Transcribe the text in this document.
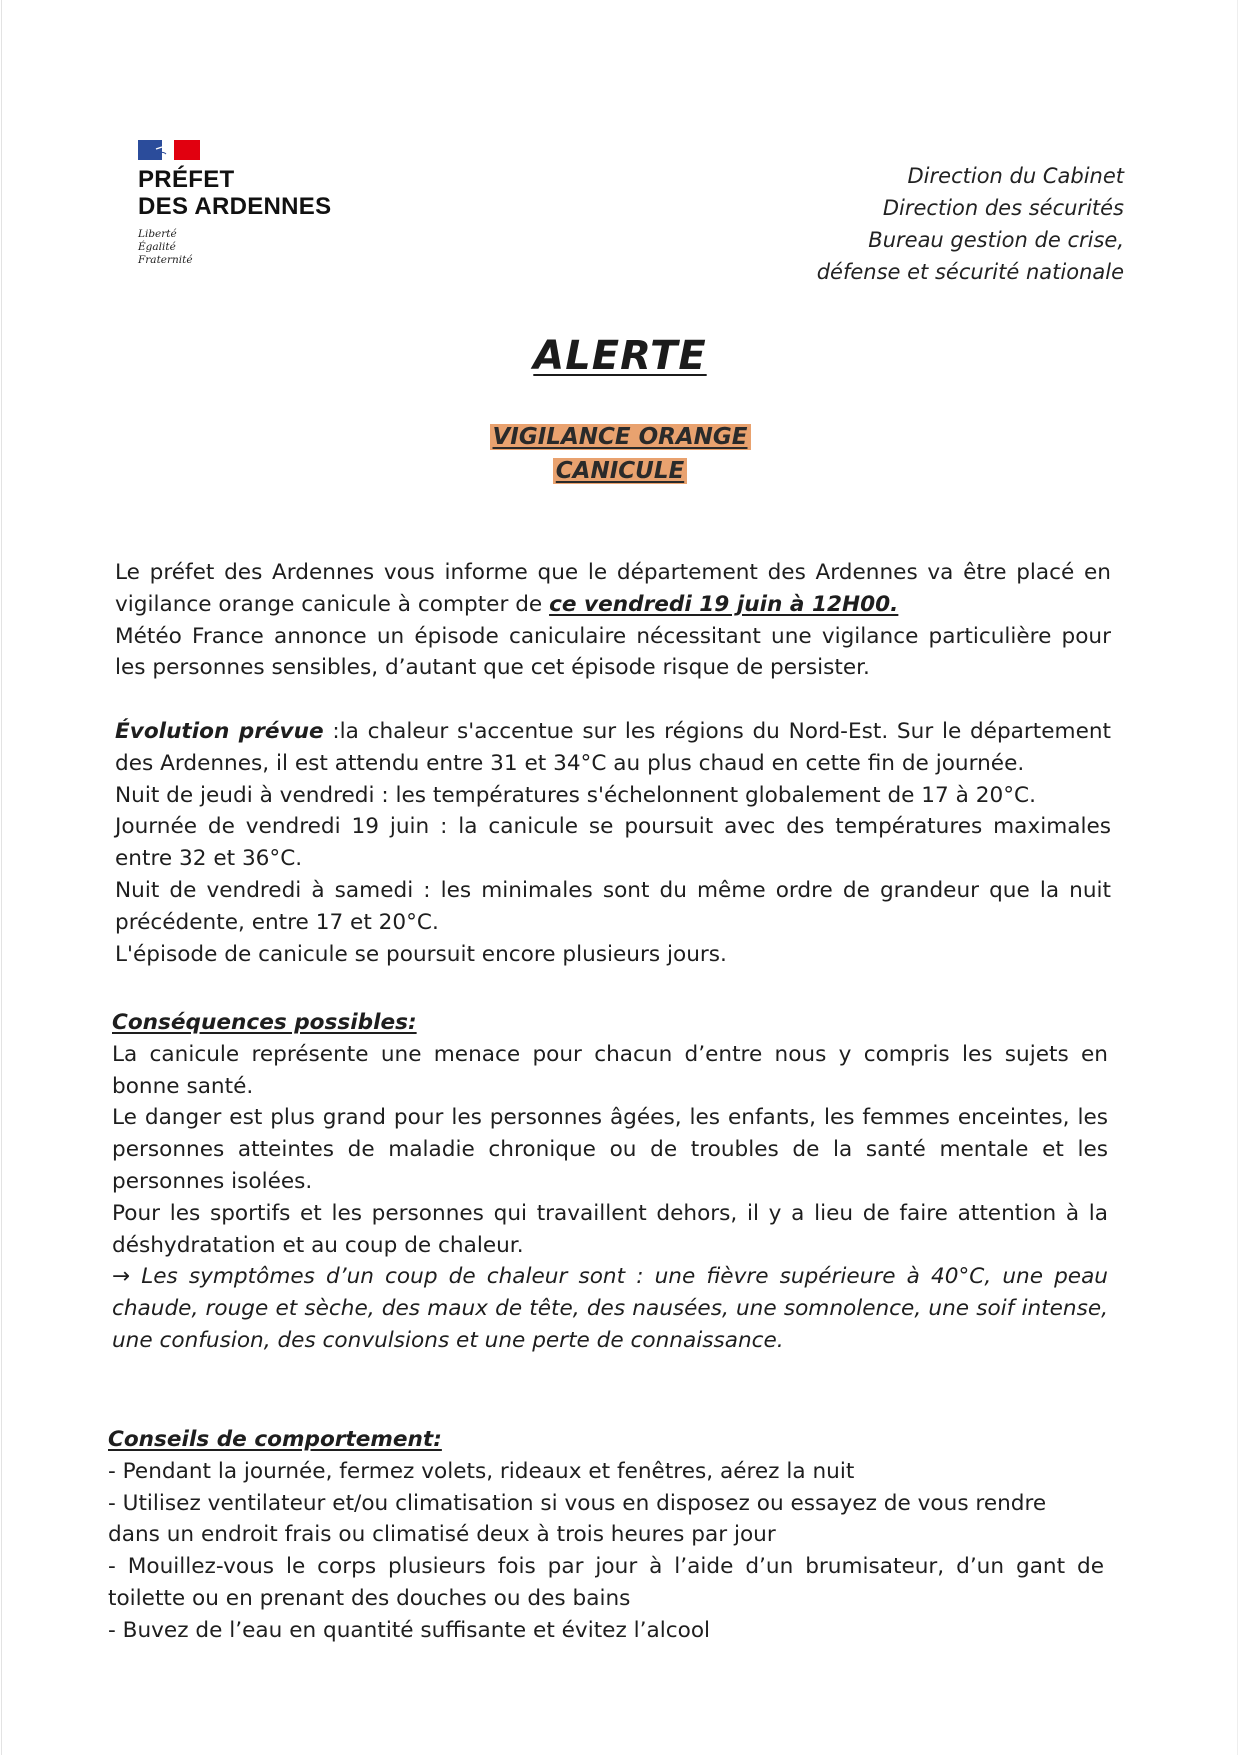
PRÉFET
DES ARDENNES
Liberté
Égalité
Fraternité
Direction du Cabinet
Direction des sécurités
Bureau gestion de crise,
défense et sécurité nationale
ALERTE
VIGILANCE ORANGE
CANICULE

Le préfet des Ardennes vous informe que le département des Ardennes va être placé en vigilance orange canicule à compter de ce vendredi 19 juin à 12H00.

Météo France annonce un épisode caniculaire nécessitant une vigilance particulière pour les personnes sensibles, d’autant que cet épisode risque de persister.

Évolution prévue :la chaleur s'accentue sur les régions du Nord-Est. Sur le département des Ardennes, il est attendu entre 31 et 34°C au plus chaud en cette fin de journée.

Nuit de jeudi à vendredi : les températures s'échelonnent globalement de 17 à 20°C.

Journée de vendredi 19 juin : la canicule se poursuit avec des températures maximales entre 32 et 36°C.

Nuit de vendredi à samedi : les minimales sont du même ordre de grandeur que la nuit précédente, entre 17 et 20°C.

L'épisode de canicule se poursuit encore plusieurs jours.

Conséquences possibles:

La canicule représente une menace pour chacun d’entre nous y compris les sujets en bonne santé.

Le danger est plus grand pour les personnes âgées, les enfants, les femmes enceintes, les personnes atteintes de maladie chronique ou de troubles de la santé mentale et les personnes isolées.

Pour les sportifs et les personnes qui travaillent dehors, il y a lieu de faire attention à la déshydratation et au coup de chaleur.

→ Les symptômes d’un coup de chaleur sont : une fièvre supérieure à 40°C, une peau chaude, rouge et sèche, des maux de tête, des nausées, une somnolence, une soif intense, une confusion, des convulsions et une perte de connaissance.

Conseils de comportement:

- Pendant la journée, fermez volets, rideaux et fenêtres, aérez la nuit

- Utilisez ventilateur et/ou climatisation si vous en disposez ou essayez de vous rendre

dans un endroit frais ou climatisé deux à trois heures par jour

- Mouillez-vous le corps plusieurs fois par jour à l’aide d’un brumisateur, d’un gant de toilette ou en prenant des douches ou des bains

- Buvez de l’eau en quantité suffisante et évitez l’alcool
